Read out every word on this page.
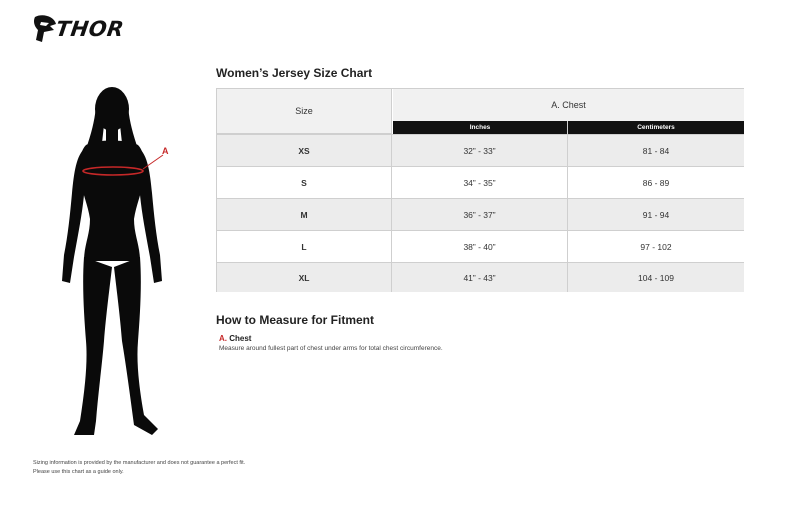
THOR
A
Women’s Jersey Size Chart
Size
A. Chest
Inches	Centimeters
XS	32” - 33”	81 - 84
S	34” - 35”	86 - 89
M	36” - 37”	91 - 94
L	38” - 40”	97 - 102
XL	41” - 43”	104 - 109
How to Measure for Fitment
A. Chest
Measure around fullest part of chest under arms for total chest circumference.
Sizing information is provided by the manufacturer and does not guarantee a perfect fit.
Please use this chart as a guide only.
